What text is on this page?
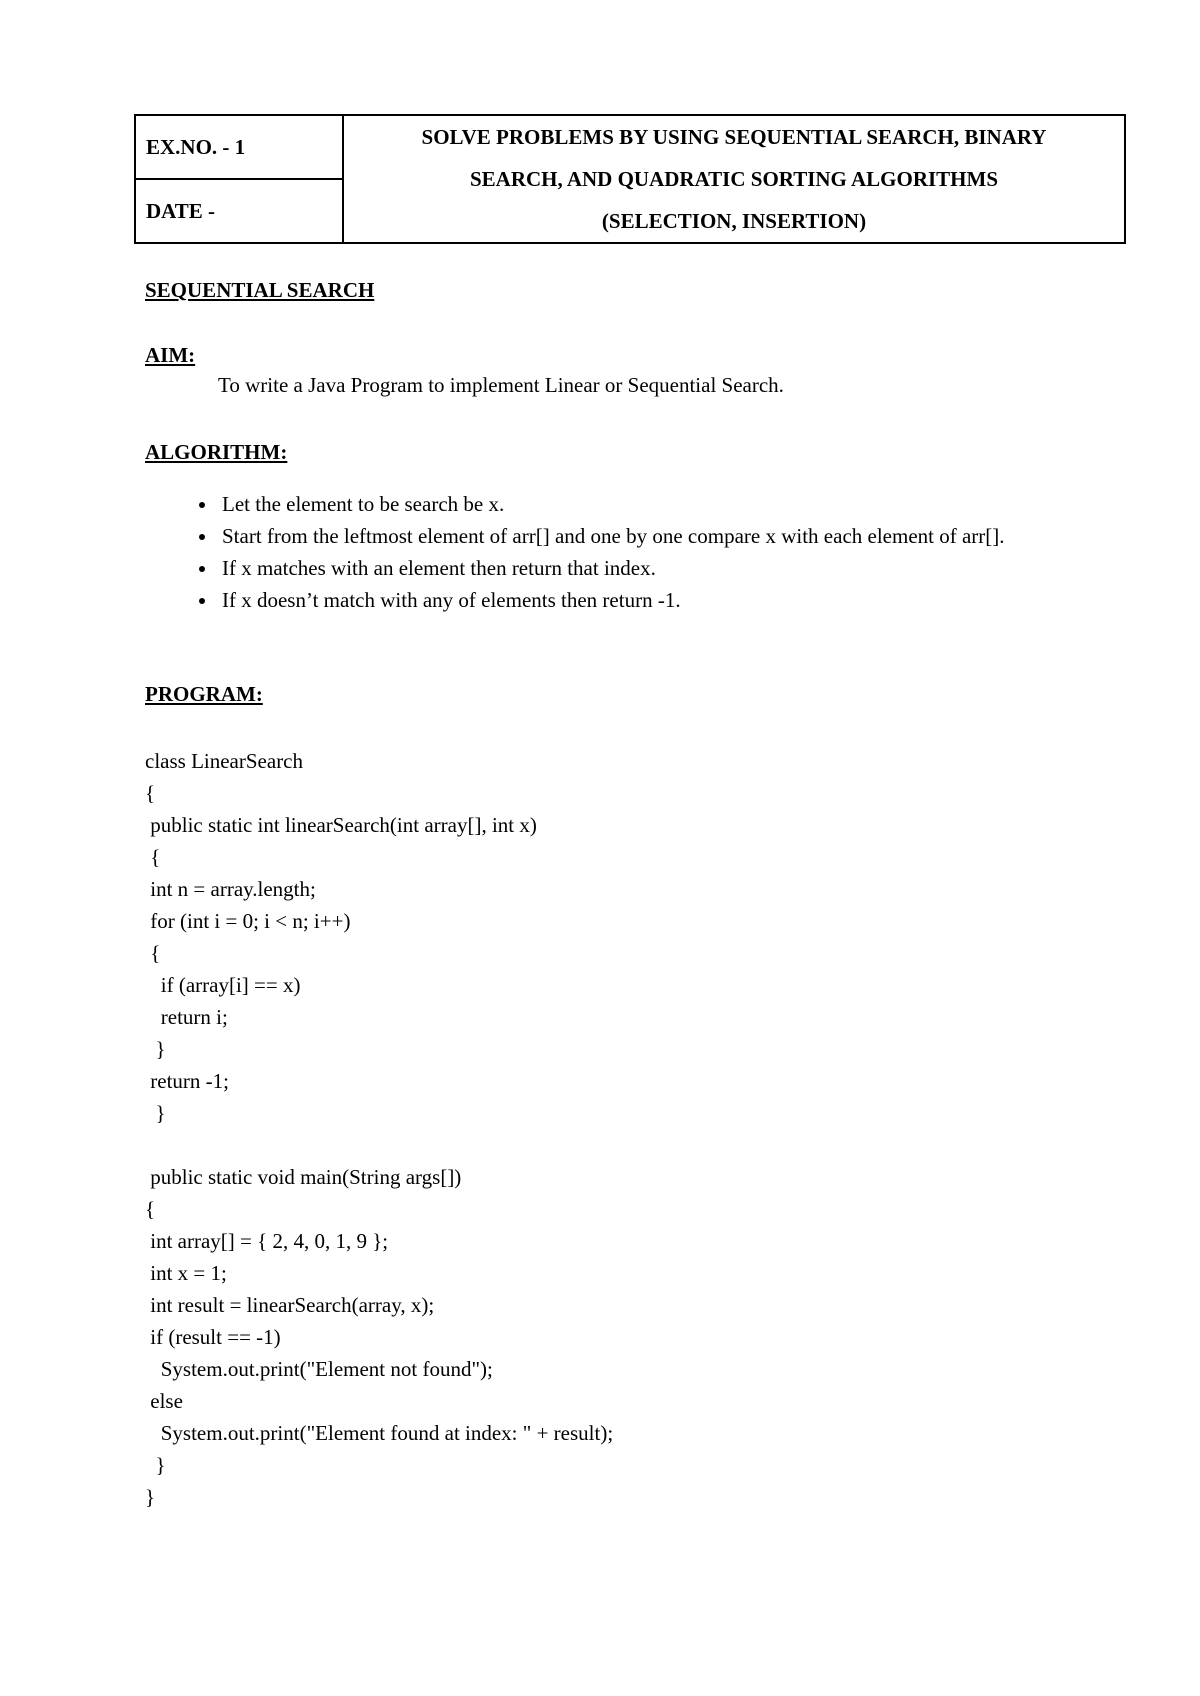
EX.NO. - 1	SOLVE PROBLEMS BY USING SEQUENTIAL SEARCH, BINARY
SEARCH, AND QUADRATIC SORTING ALGORITHMS
(SELECTION, INSERTION)

DATE -

SEQUENTIAL SEARCH

AIM:

To write a Java Program to implement Linear or Sequential Search.

ALGORITHM:

• Let the element to be search be x.
• Start from the leftmost element of arr[] and one by one compare x with each element of arr[].
• If x matches with an element then return that index.
• If x doesn’t match with any of elements then return -1.

PROGRAM:

class LinearSearch
{
public static int linearSearch(int array[], int x)
{
int n = array.length;
for (int i = 0; i < n; i++)
{
if (array[i] == x)
return i;
}
return -1;
}
public static void main(String args[])
{
int array[] = { 2, 4, 0, 1, 9 };
int x = 1;
int result = linearSearch(array, x);
if (result == -1)
System.out.print("Element not found");
else
System.out.print("Element found at index: " + result);
}
}
